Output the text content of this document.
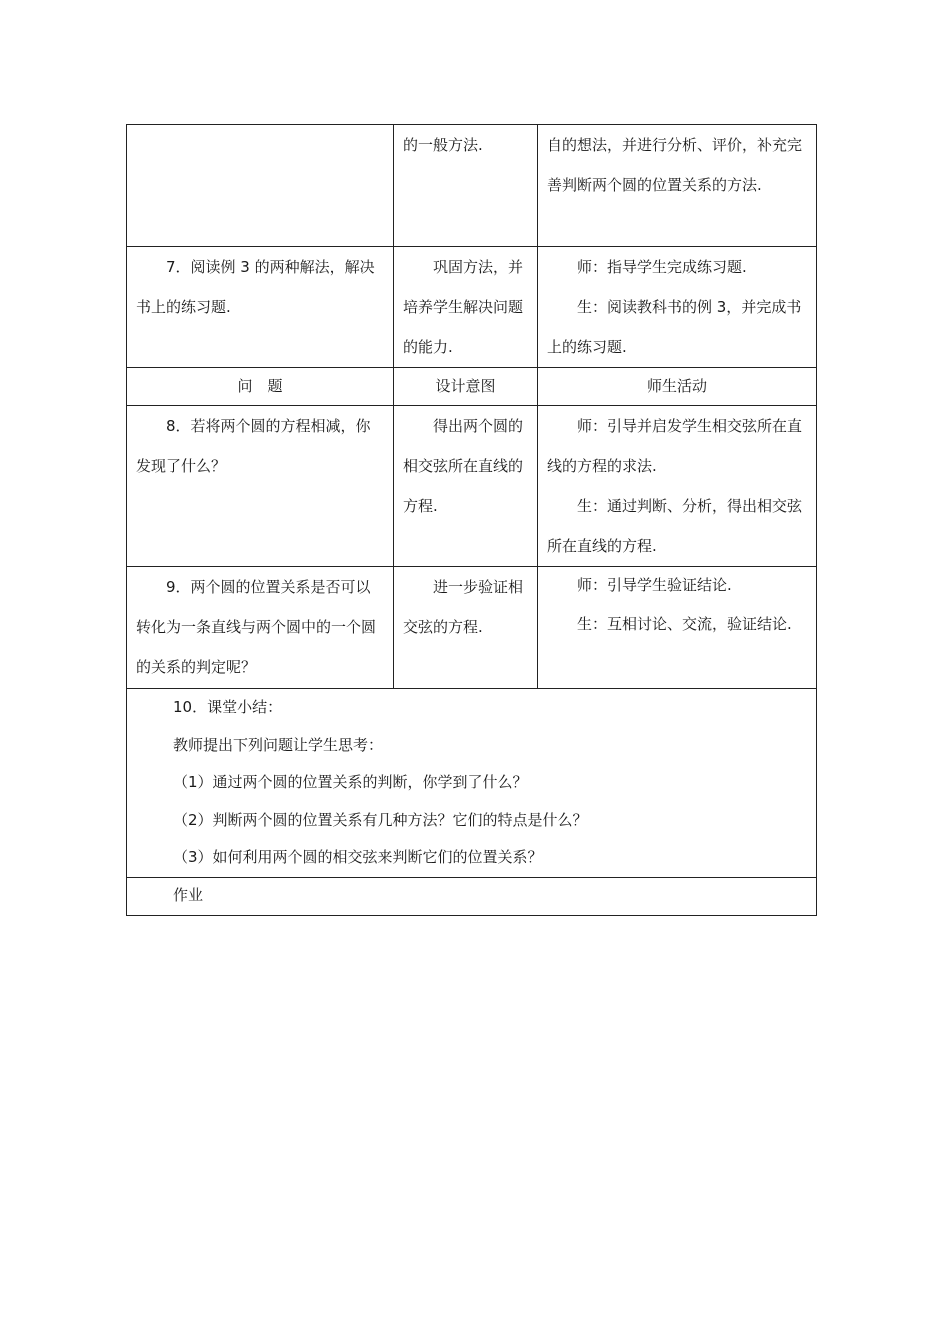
	的一般方法.	自的想法，并进行分析、评价，补充完善判断两个圆的位置关系的方法.

7．阅读例 3 的两种解法，解决书上的练习题.	巩固方法，并培养学生解决问题的能力.	师：指导学生完成练习题.
生：阅读教科书的例 3，并完成书上的练习题.

问　题	设计意图	师生活动

8．若将两个圆的方程相减，你发现了什么？	得出两个圆的相交弦所在直线的方程.	师：引导并启发学生相交弦所在直线的方程的求法.
生：通过判断、分析，得出相交弦所在直线的方程.

9．两个圆的位置关系是否可以转化为一条直线与两个圆中的一个圆的关系的判定呢？	进一步验证相交弦的方程.	师：引导学生验证结论.
生：互相讨论、交流，验证结论.

10．课堂小结：
教师提出下列问题让学生思考：
（1）通过两个圆的位置关系的判断，你学到了什么？
（2）判断两个圆的位置关系有几种方法？它们的特点是什么？
（3）如何利用两个圆的相交弦来判断它们的位置关系？		

作业		
